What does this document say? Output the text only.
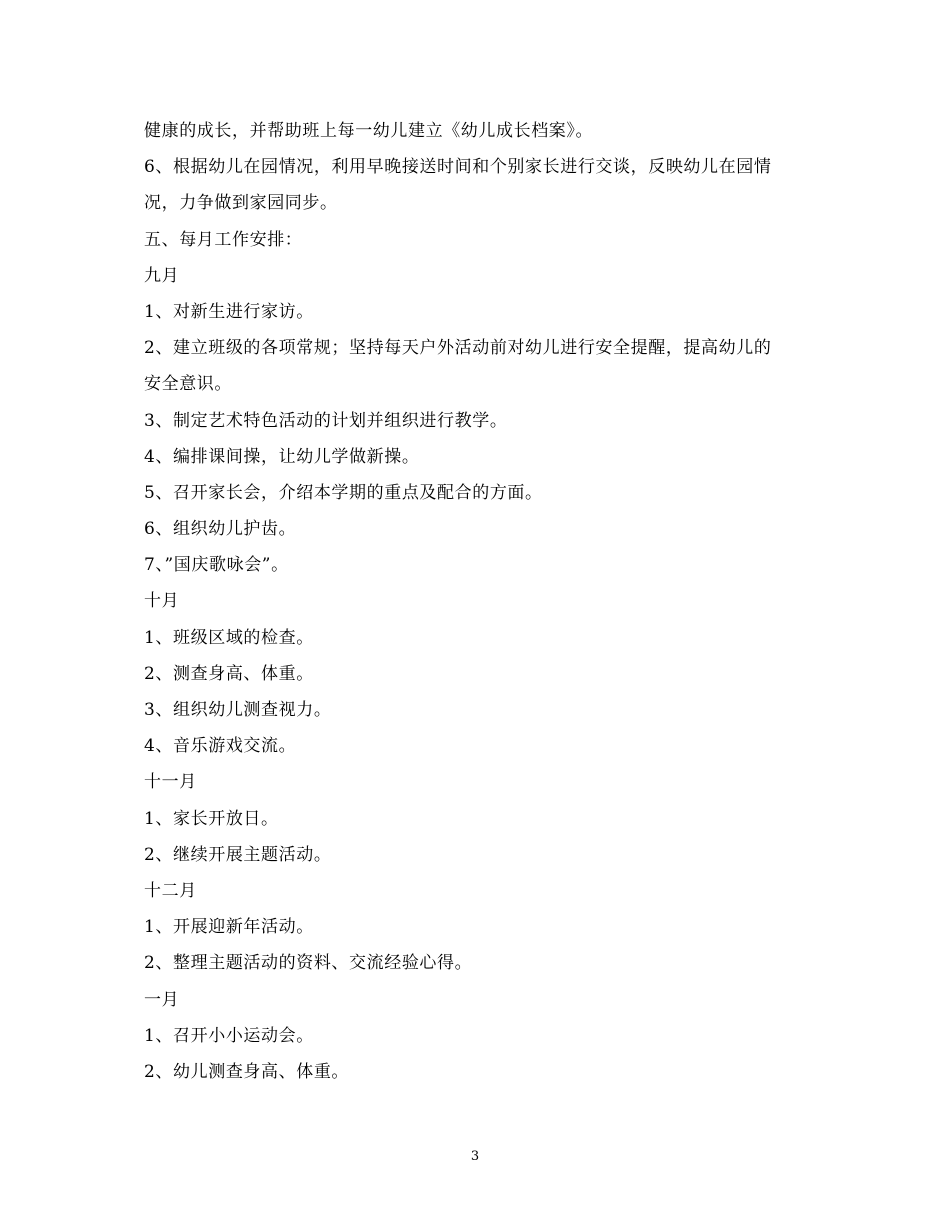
健康的成长，并帮助班上每一幼儿建立《幼儿成长档案》。
6、根据幼儿在园情况，利用早晚接送时间和个别家长进行交谈，反映幼儿在园情
况，力争做到家园同步。
五、每月工作安排：
九月
1、对新生进行家访。
2、建立班级的各项常规；坚持每天户外活动前对幼儿进行安全提醒，提高幼儿的
安全意识。
3、制定艺术特色活动的计划并组织进行教学。
4、编排课间操，让幼儿学做新操。
5、召开家长会，介绍本学期的重点及配合的方面。
6、组织幼儿护齿。
7、”国庆歌咏会”。
十月
1、班级区域的检查。
2、测查身高、体重。
3、组织幼儿测查视力。
4、音乐游戏交流。
十一月
1、家长开放日。
2、继续开展主题活动。
十二月
1、开展迎新年活动。
2、整理主题活动的资料、交流经验心得。
一月
1、召开小小运动会。
2、幼儿测查身高、体重。
3
